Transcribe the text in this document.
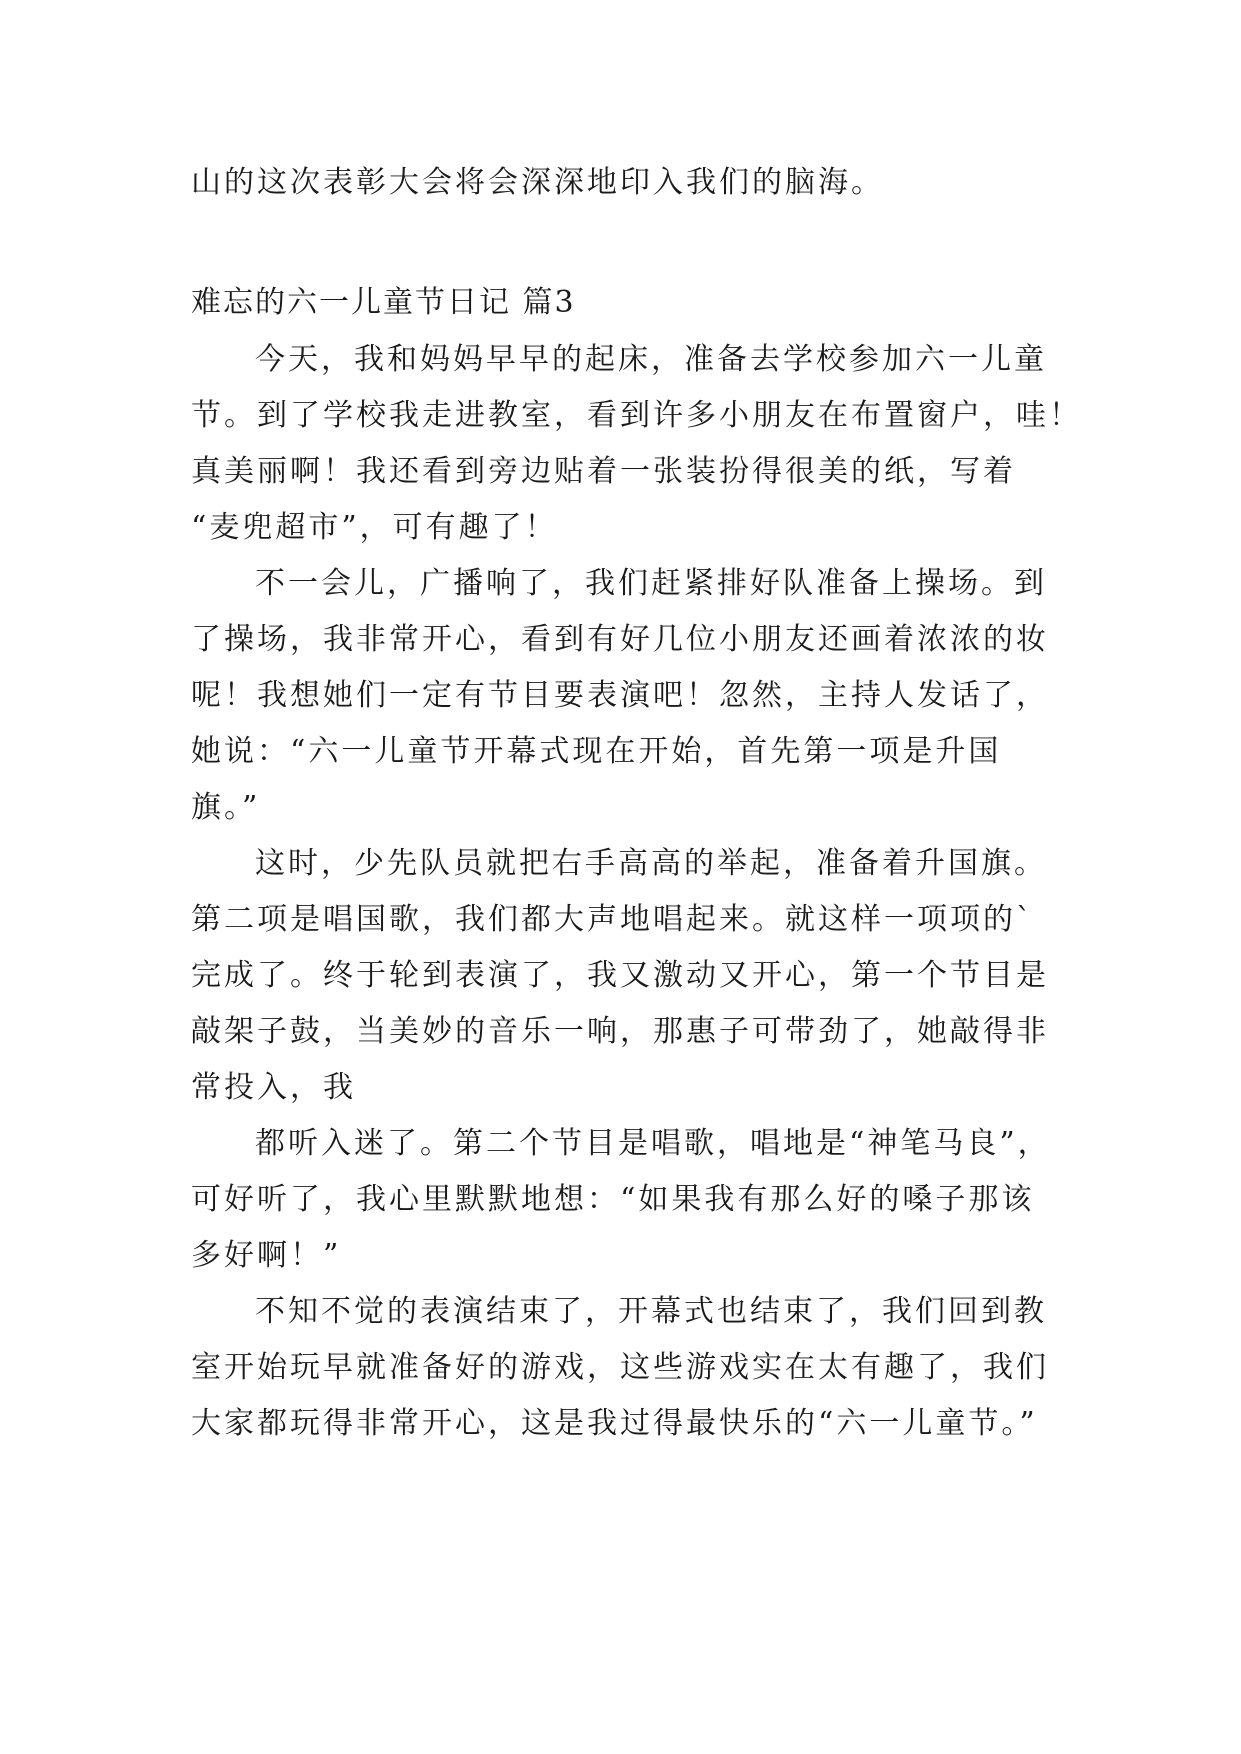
山的这次表彰大会将会深深地印入我们的脑海。
难忘的六一儿童节日记 篇3
今天，我和妈妈早早的起床，准备去学校参加六一儿童
节。到了学校我走进教室，看到许多小朋友在布置窗户，哇！
真美丽啊！我还看到旁边贴着一张装扮得很美的纸，写着
“麦兜超市”，可有趣了！
不一会儿，广播响了，我们赶紧排好队准备上操场。到
了操场，我非常开心，看到有好几位小朋友还画着浓浓的妆
呢！我想她们一定有节目要表演吧！忽然，主持人发话了，
她说：“六一儿童节开幕式现在开始，首先第一项是升国
旗。”
这时，少先队员就把右手高高的举起，准备着升国旗。
第二项是唱国歌，我们都大声地唱起来。就这样一项项的`
完成了。终于轮到表演了，我又激动又开心，第一个节目是
敲架子鼓，当美妙的音乐一响，那惠子可带劲了，她敲得非
常投入，我
都听入迷了。第二个节目是唱歌，唱地是“神笔马良”，
可好听了，我心里默默地想：“如果我有那么好的嗓子那该
多好啊！”
不知不觉的表演结束了，开幕式也结束了，我们回到教
室开始玩早就准备好的游戏，这些游戏实在太有趣了，我们
大家都玩得非常开心，这是我过得最快乐的“六一儿童节。”
